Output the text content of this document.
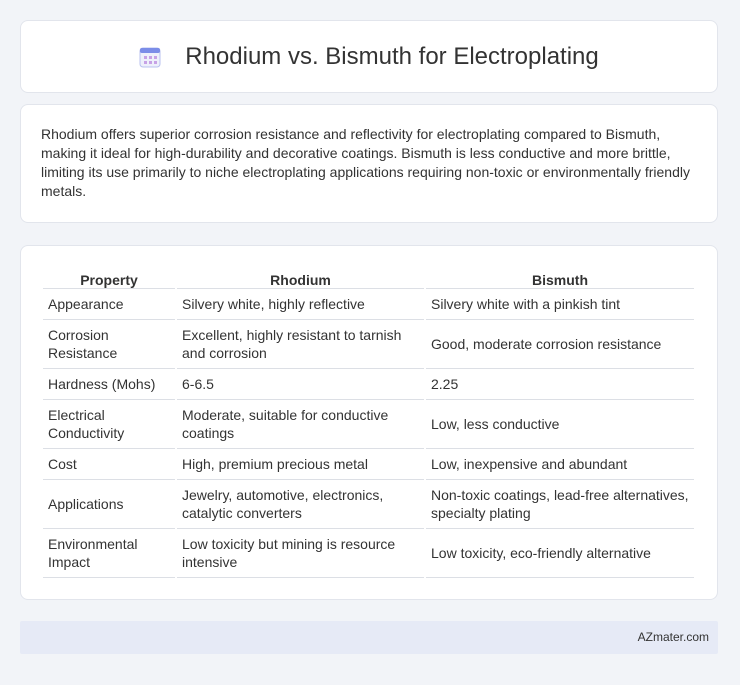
Rhodium vs. Bismuth for Electroplating

Rhodium offers superior corrosion resistance and reflectivity for electroplating compared to Bismuth, making it ideal for high-durability and decorative coatings. Bismuth is less conductive and more brittle, limiting its use primarily to niche electroplating applications requiring non-toxic or environmentally friendly metals.

Property	Rhodium	Bismuth
Appearance	Silvery white, highly reflective	Silvery white with a pinkish tint
Corrosion Resistance	Excellent, highly resistant to tarnish and corrosion	Good, moderate corrosion resistance
Hardness (Mohs)	6-6.5	2.25
Electrical Conductivity	Moderate, suitable for conductive coatings	Low, less conductive
Cost	High, premium precious metal	Low, inexpensive and abundant
Applications	Jewelry, automotive, electronics, catalytic converters	Non-toxic coatings, lead-free alternatives, specialty plating
Environmental Impact	Low toxicity but mining is resource intensive	Low toxicity, eco-friendly alternative
AZmater.com
